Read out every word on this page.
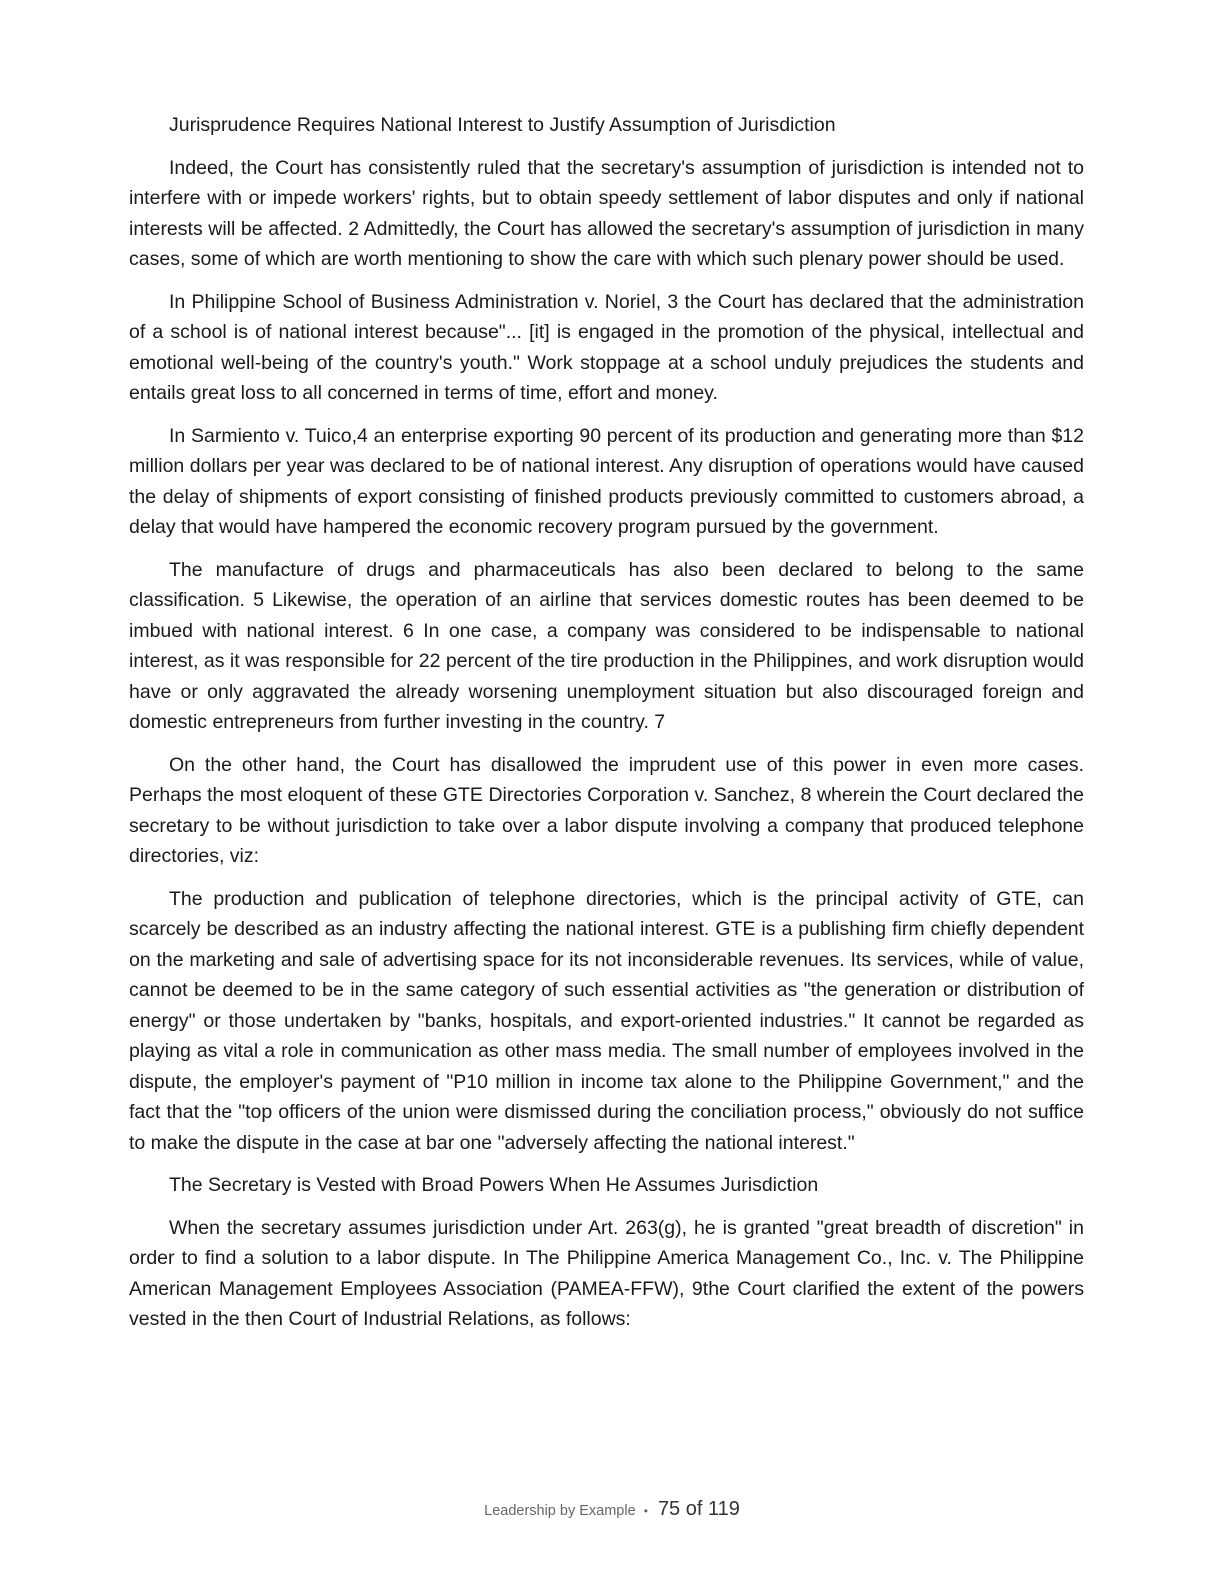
Jurisprudence Requires National Interest to Justify Assumption of Jurisdiction

Indeed, the Court has consistently ruled that the secretary's assumption of jurisdiction is intended not to interfere with or impede workers' rights, but to obtain speedy settlement of labor disputes and only if national interests will be affected. 2 Admittedly, the Court has allowed the secretary's assumption of jurisdiction in many cases, some of which are worth mentioning to show the care with which such plenary power should be used.

In Philippine School of Business Administration v. Noriel, 3 the Court has declared that the administration of a school is of national interest because"... [it] is engaged in the promotion of the physical, intellectual and emotional well-being of the country's youth." Work stoppage at a school unduly prejudices the students and entails great loss to all concerned in terms of time, effort and money.

In Sarmiento v. Tuico,4 an enterprise exporting 90 percent of its production and generating more than $12 million dollars per year was declared to be of national interest. Any disruption of operations would have caused the delay of shipments of export consisting of finished products previously committed to customers abroad, a delay that would have hampered the economic recovery program pursued by the government.

The manufacture of drugs and pharmaceuticals has also been declared to belong to the same classification. 5 Likewise, the operation of an airline that services domestic routes has been deemed to be imbued with national interest. 6 In one case, a company was considered to be indispensable to national interest, as it was responsible for 22 percent of the tire production in the Philippines, and work disruption would have or only aggravated the already worsening unemployment situation but also discouraged foreign and domestic entrepreneurs from further investing in the country. 7

On the other hand, the Court has disallowed the imprudent use of this power in even more cases. Perhaps the most eloquent of these GTE Directories Corporation v. Sanchez, 8 wherein the Court declared the secretary to be without jurisdiction to take over a labor dispute involving a company that produced telephone directories, viz:

The production and publication of telephone directories, which is the principal activity of GTE, can scarcely be described as an industry affecting the national interest. GTE is a publishing firm chiefly dependent on the marketing and sale of advertising space for its not inconsiderable revenues. Its services, while of value, cannot be deemed to be in the same category of such essential activities as "the generation or distribution of energy" or those undertaken by "banks, hospitals, and export-oriented industries." It cannot be regarded as playing as vital a role in communication as other mass media. The small number of employees involved in the dispute, the employer's payment of "P10 million in income tax alone to the Philippine Government," and the fact that the "top officers of the union were dismissed during the conciliation process," obviously do not suffice to make the dispute in the case at bar one "adversely affecting the national interest."

The Secretary is Vested with Broad Powers When He Assumes Jurisdiction

When the secretary assumes jurisdiction under Art. 263(g), he is granted "great breadth of discretion" in order to find a solution to a labor dispute. In The Philippine America Management Co., Inc. v. The Philippine American Management Employees Association (PAMEA-FFW), 9the Court clarified the extent of the powers vested in the then Court of Industrial Relations, as follows:

Leadership by Example • 75 of 119
